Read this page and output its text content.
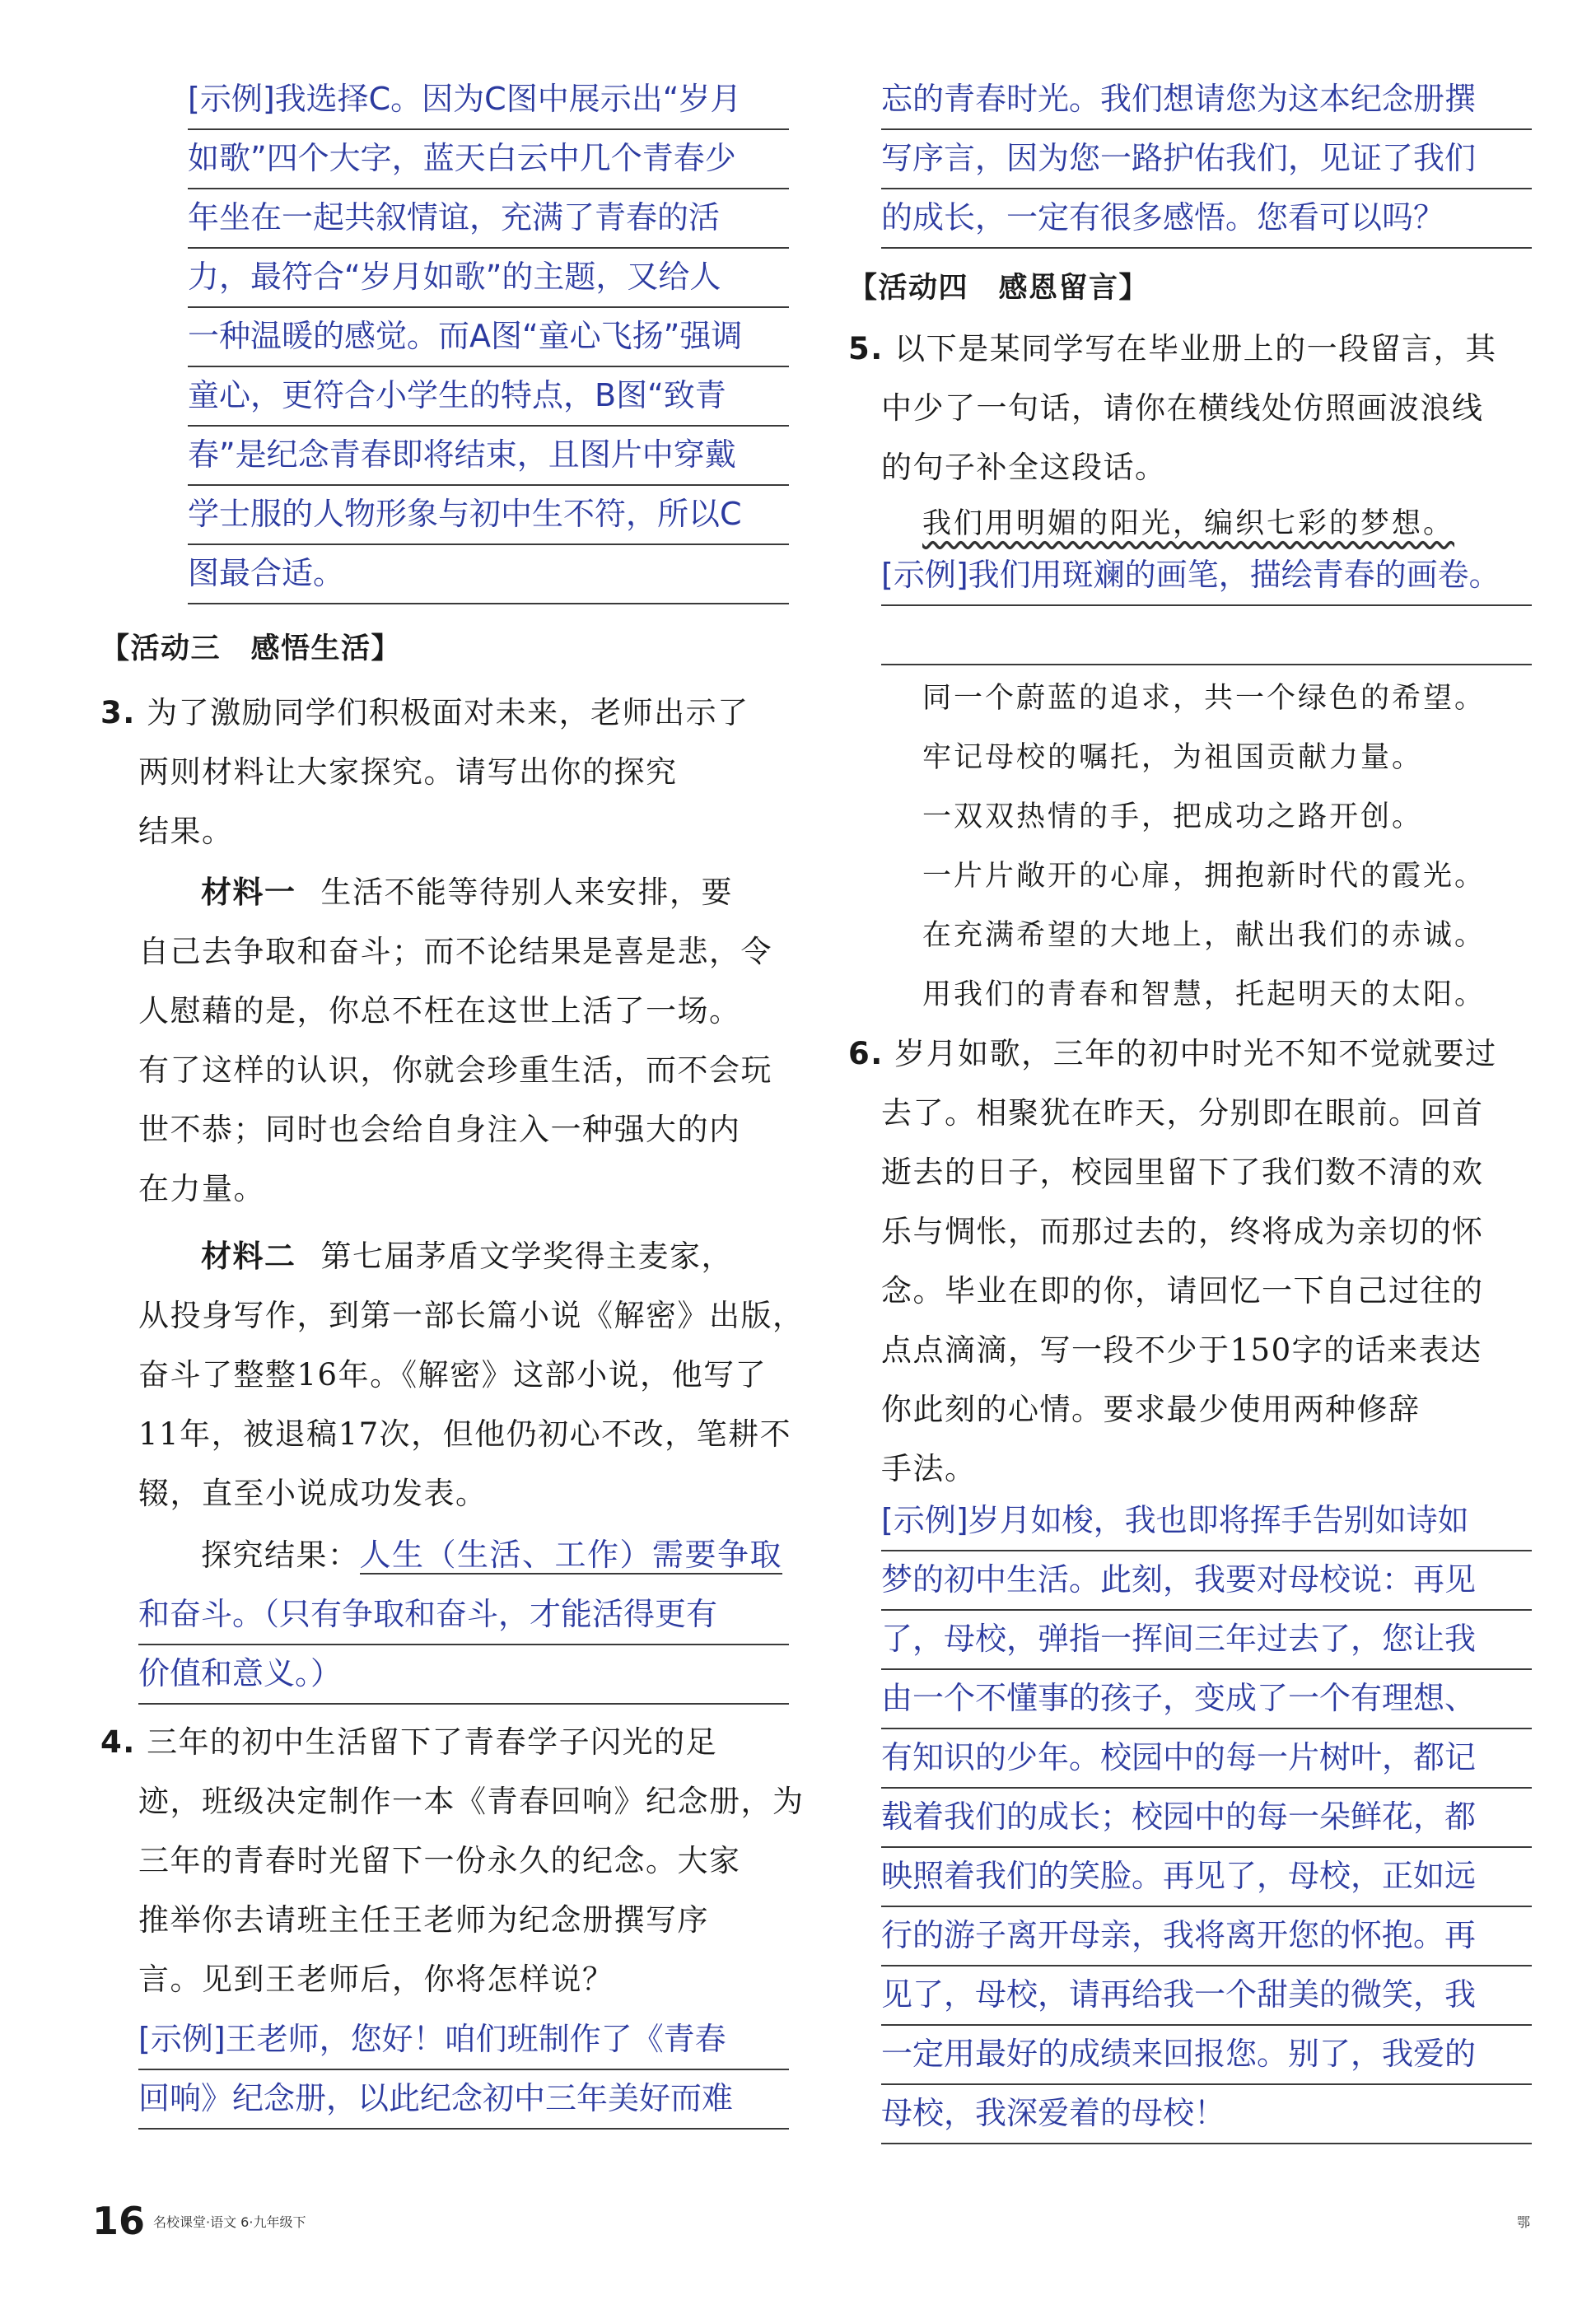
[示例]我选择C。因为C图中展示出“岁月
如歌”四个大字，蓝天白云中几个青春少
年坐在一起共叙情谊，充满了青春的活
力，最符合“岁月如歌”的主题，又给人
一种温暖的感觉。而A图“童心飞扬”强调
童心，更符合小学生的特点，B图“致青
春”是纪念青春即将结束，且图片中穿戴
学士服的人物形象与初中生不符，所以C
图最合适。
【活动三　感悟生活】
3. 为了激励同学们积极面对未来，老师出示了
两则材料让大家探究。请写出你的探究
结果。
材料一 生活不能等待别人来安排，要
自己去争取和奋斗；而不论结果是喜是悲，令
人慰藉的是，你总不枉在这世上活了一场。
有了这样的认识，你就会珍重生活，而不会玩
世不恭；同时也会给自身注入一种强大的内
在力量。
材料二 第七届茅盾文学奖得主麦家，
从投身写作，到第一部长篇小说《解密》出版，
奋斗了整整16年。《解密》这部小说，他写了
11年，被退稿17次，但他仍初心不改，笔耕不
辍，直至小说成功发表。
探究结果：人生（生活、工作）需要争取
和奋斗。（只有争取和奋斗，才能活得更有
价值和意义。）
4. 三年的初中生活留下了青春学子闪光的足
迹，班级决定制作一本《青春回响》纪念册，为
三年的青春时光留下一份永久的纪念。大家
推举你去请班主任王老师为纪念册撰写序
言。见到王老师后，你将怎样说？
[示例]王老师，您好！咱们班制作了《青春
回响》纪念册，以此纪念初中三年美好而难
忘的青春时光。我们想请您为这本纪念册撰
写序言，因为您一路护佑我们，见证了我们
的成长，一定有很多感悟。您看可以吗？
【活动四　感恩留言】
5. 以下是某同学写在毕业册上的一段留言，其
中少了一句话，请你在横线处仿照画波浪线
的句子补全这段话。
我们用明媚的阳光，编织七彩的梦想。
[示例]我们用斑斓的画笔，描绘青春的画卷。
同一个蔚蓝的追求，共一个绿色的希望。
牢记母校的嘱托，为祖国贡献力量。
一双双热情的手，把成功之路开创。
一片片敞开的心扉，拥抱新时代的霞光。
在充满希望的大地上，献出我们的赤诚。
用我们的青春和智慧，托起明天的太阳。
6. 岁月如歌，三年的初中时光不知不觉就要过
去了。相聚犹在昨天，分别即在眼前。回首
逝去的日子，校园里留下了我们数不清的欢
乐与惆怅，而那过去的，终将成为亲切的怀
念。毕业在即的你，请回忆一下自己过往的
点点滴滴，写一段不少于150字的话来表达
你此刻的心情。要求最少使用两种修辞
手法。
[示例]岁月如梭，我也即将挥手告别如诗如
梦的初中生活。此刻，我要对母校说：再见
了，母校，弹指一挥间三年过去了，您让我
由一个不懂事的孩子，变成了一个有理想、
有知识的少年。校园中的每一片树叶，都记
载着我们的成长；校园中的每一朵鲜花，都
映照着我们的笑脸。再见了，母校，正如远
行的游子离开母亲，我将离开您的怀抱。再
见了，母校，请再给我一个甜美的微笑，我
一定用最好的成绩来回报您。别了，我爱的
母校，我深爱着的母校！
16 名校课堂·语文 6·九年级下	鄂
